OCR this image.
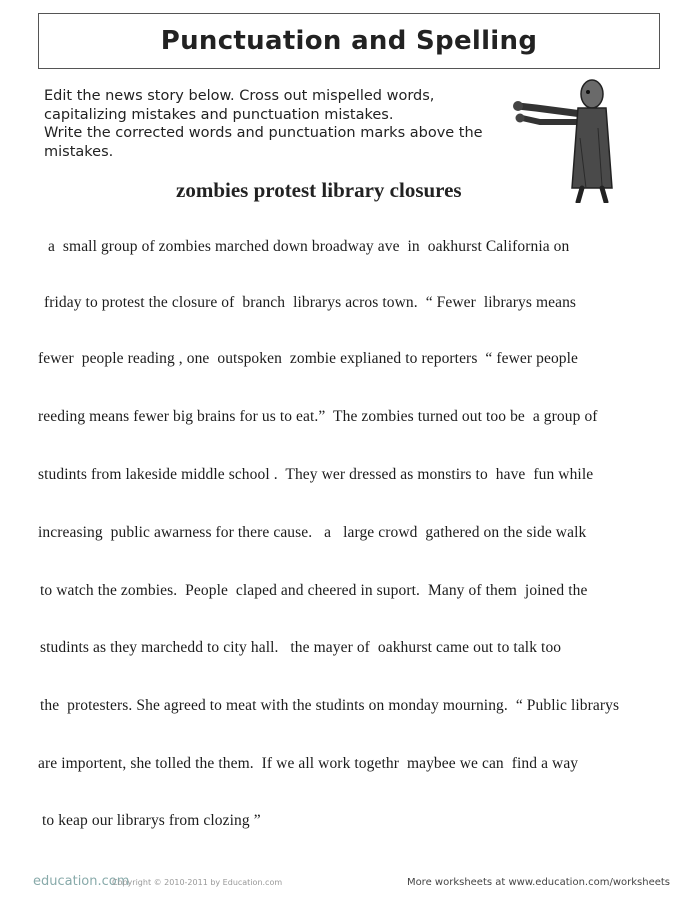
Punctuation and Spelling

Edit the news story below. Cross out mispelled words,

capitalizing mistakes and punctuation mistakes.

Write the corrected words and punctuation marks above the

mistakes.

zombies protest library closures
a  small group of zombies marched down broadway ave  in  oakhurst California on
friday to protest the closure of  branch  librarys acros town.  “ Fewer  librarys means
fewer  people reading , one  outspoken  zombie explianed to reporters  “ fewer people
reeding means fewer big brains for us to eat.”  The zombies turned out too be  a group of
studints from lakeside middle school .  They wer dressed as monstirs to  have  fun while
increasing  public awarness for there cause.   a   large crowd  gathered on the side walk
to watch the zombies.  People  claped and cheered in suport.  Many of them  joined the
studints as they marchedd to city hall.   the mayer of  oakhurst came out to talk too
the  protesters. She agreed to meat with the studints on monday mourning.  “ Public librarys
are importent, she tolled the them.  If we all work togethr  maybee we can  find a way
to keap our librarys from clozing ”
education.com
Copyright © 2010-2011 by Education.com	More worksheets at www.education.com/worksheets
